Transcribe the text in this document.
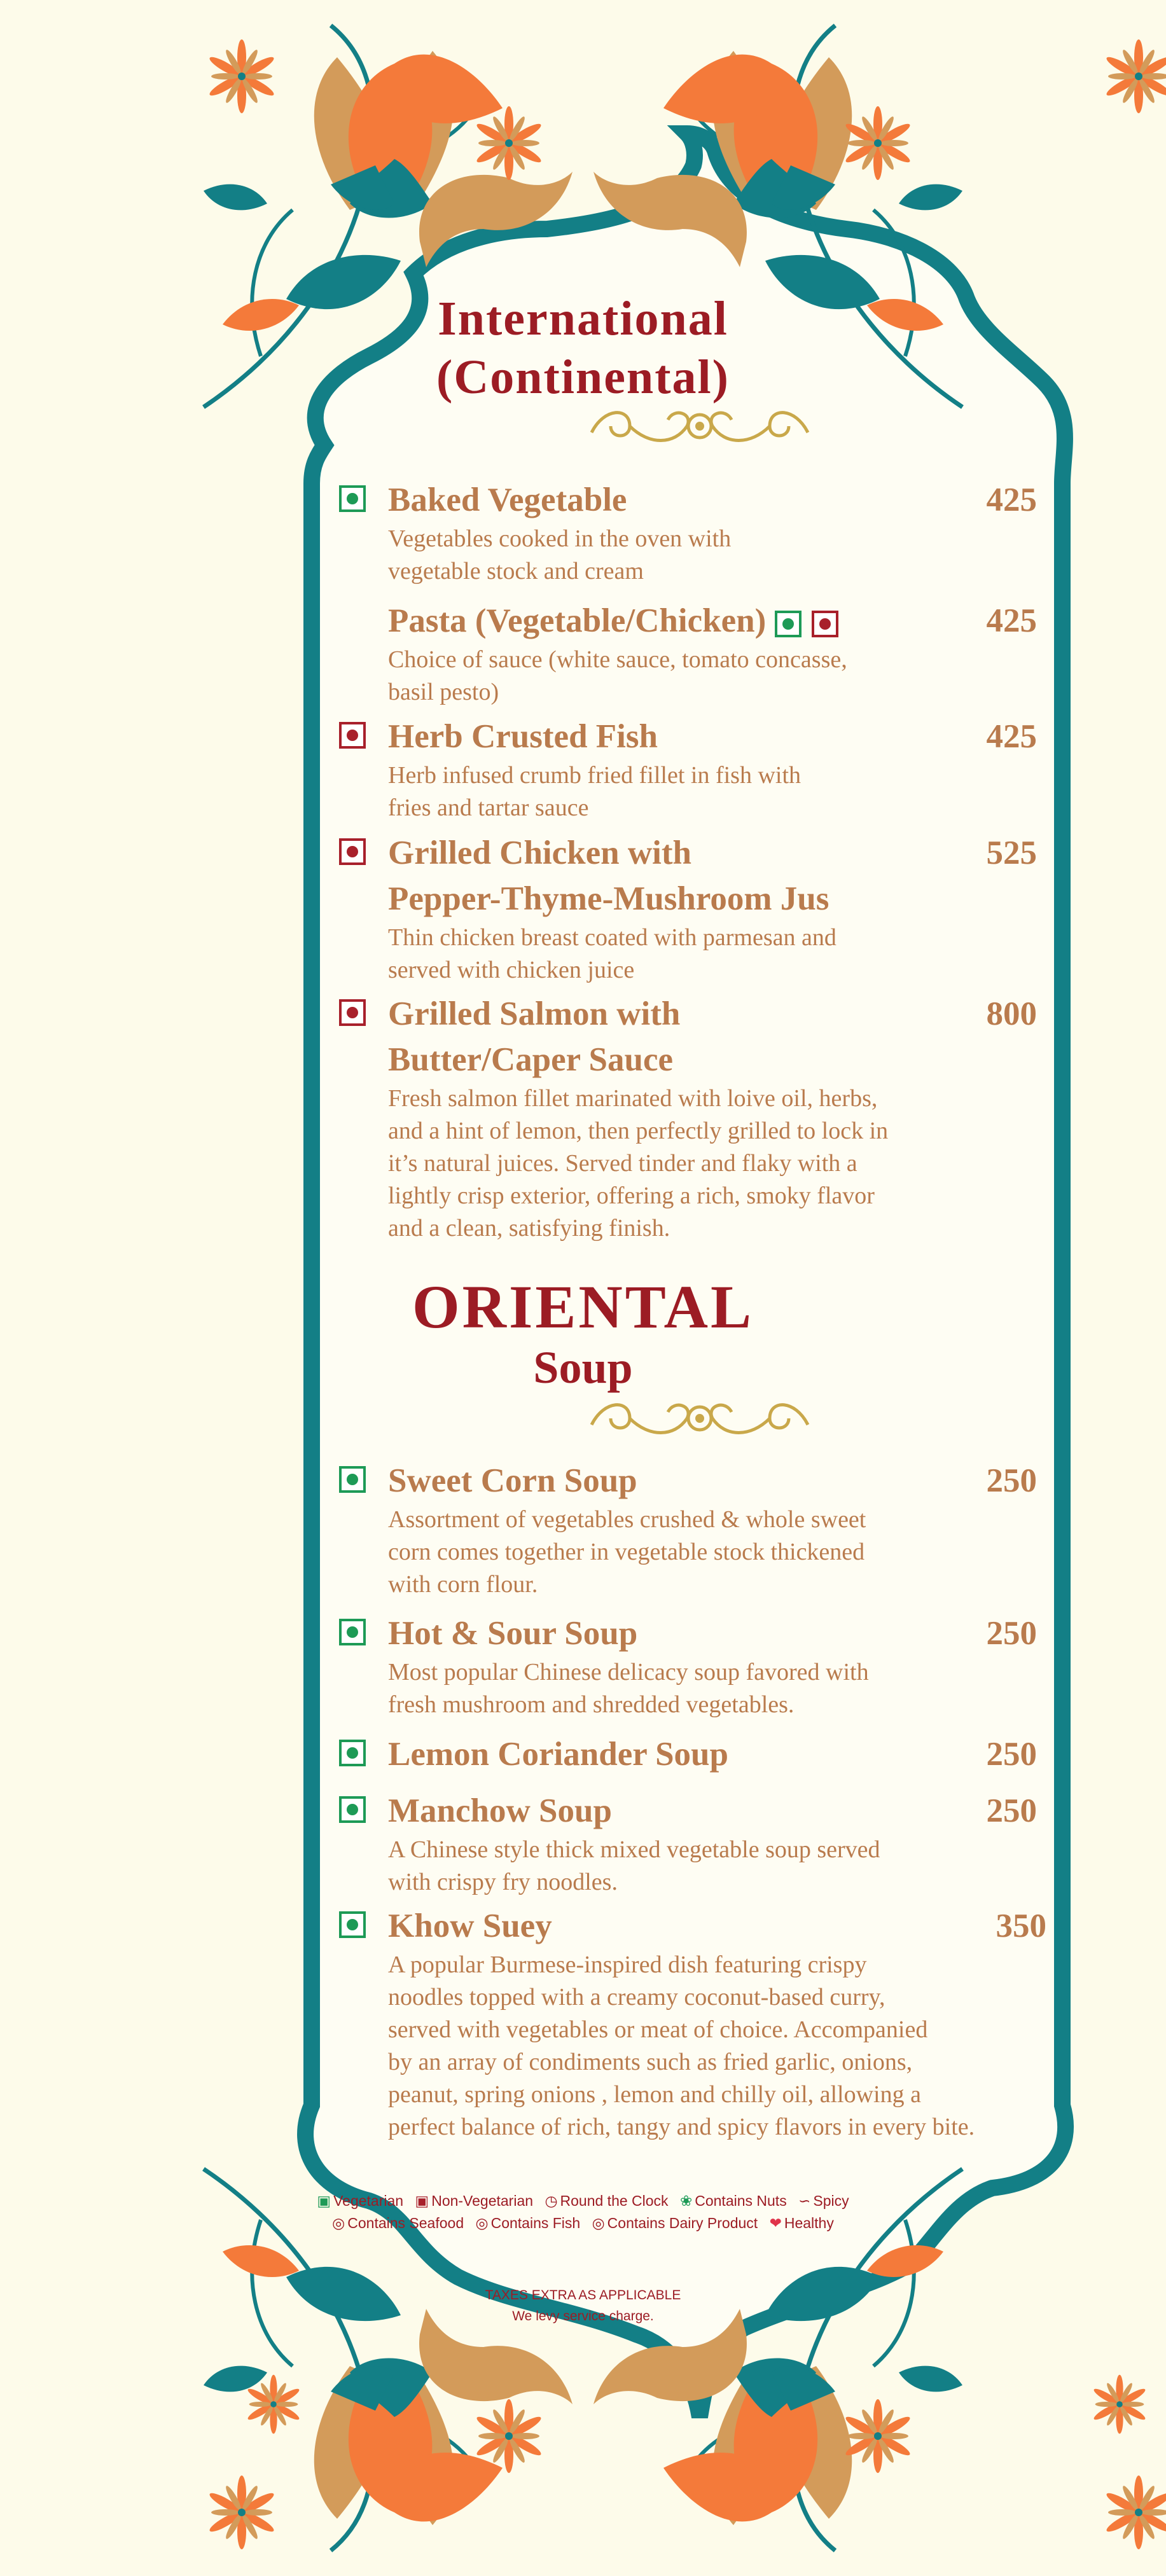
International
(Continental)

Baked Vegetable

Vegetables cooked in the oven with

vegetable stock and cream

425

Pasta (Vegetable/Chicken)

Choice of sauce (white sauce, tomato concasse,

basil pesto)

425

Herb Crusted Fish

Herb infused crumb fried fillet in fish with

fries and tartar sauce

425

Grilled Chicken with

Pepper-Thyme-Mushroom Jus

Thin chicken breast coated with parmesan and

served with chicken juice

525

Grilled Salmon with

Butter/Caper Sauce

Fresh salmon fillet marinated with loive oil, herbs,

and a hint of lemon, then perfectly grilled to lock in

it’s natural juices. Served tinder and flaky with a

lightly crisp exterior, offering a rich, smoky flavor

and a clean, satisfying finish.

800
ORIENTAL
Soup

Sweet Corn Soup

Assortment of vegetables crushed & whole sweet

corn comes together in vegetable stock thickened

with corn flour.

250

Hot & Sour Soup

Most popular Chinese delicacy soup favored with

fresh mushroom and shredded vegetables.

250

Lemon Coriander Soup	250

Manchow Soup

A Chinese style thick mixed vegetable soup served

with crispy fry noodles.

250

Khow Suey

A popular Burmese-inspired dish featuring crispy

noodles topped with a creamy coconut-based curry,

served with vegetables or meat of choice. Accompanied

by an array of condiments such as fried garlic, onions,

peanut, spring onions , lemon and chilly oil, allowing a

perfect balance of rich, tangy and spicy flavors in every bite.

350
▣ Vegetarian ▣ Non-Vegetarian ◷ Round the Clock ❀ Contains Nuts ∽ Spicy
◎ Contains Seafood ◎ Contains Fish ◎ Contains Dairy Product ❤ Healthy
TAXES EXTRA AS APPLICABLE
We levy service charge.
